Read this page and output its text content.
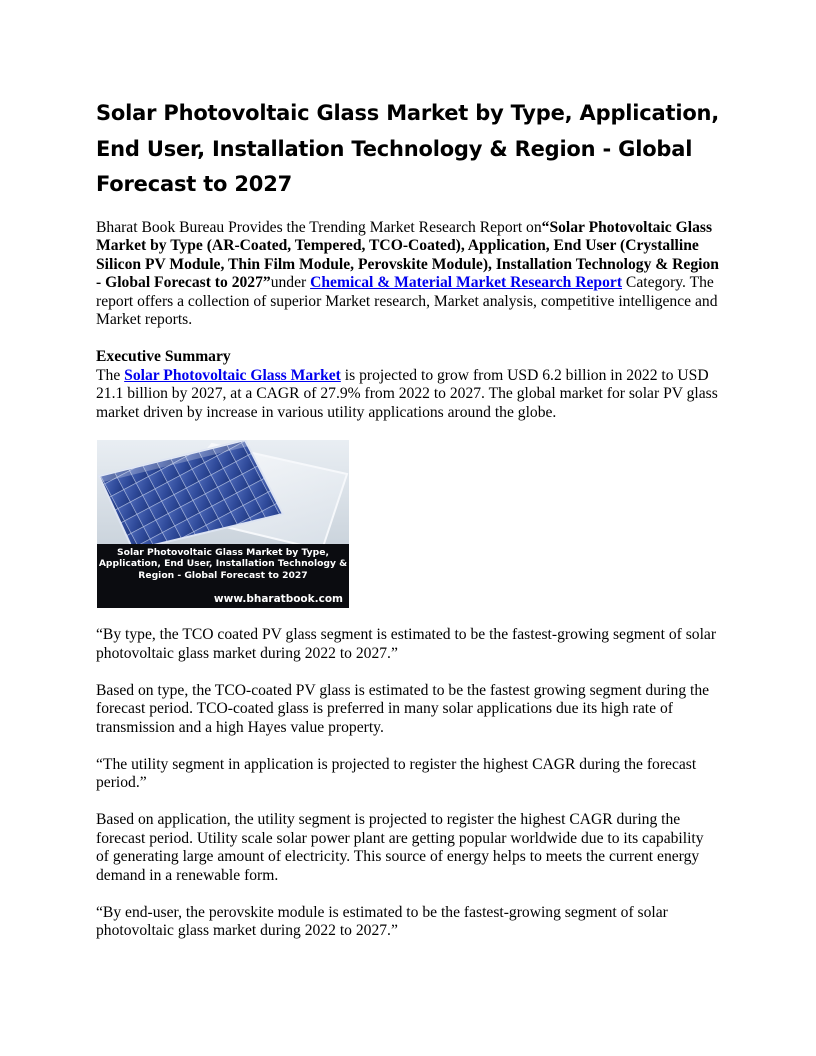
Solar Photovoltaic Glass Market by Type, Application, End User, Installation Technology & Region - Global Forecast to 2027

Bharat Book Bureau Provides the Trending Market Research Report on“Solar Photovoltaic Glass Market by Type (AR-Coated, Tempered, TCO-Coated), Application, End User (Crystalline Silicon PV Module, Thin Film Module, Perovskite Module), Installation Technology & Region - Global Forecast to 2027”under Chemical & Material Market Research Report Category. The report offers a collection of superior Market research, Market analysis, competitive intelligence and Market reports.

Executive Summary

The Solar Photovoltaic Glass Market is projected to grow from USD 6.2 billion in 2022 to USD 21.1 billion by 2027, at a CAGR of 27.9% from 2022 to 2027. The global market for solar PV glass market driven by increase in various utility applications around the globe.

Solar Photovoltaic Glass Market by Type, Application, End User, Installation Technology & Region - Global Forecast to 2027
www.bharatbook.com

“By type, the TCO coated PV glass segment is estimated to be the fastest-growing segment of solar photovoltaic glass market during 2022 to 2027.”

Based on type, the TCO-coated PV glass is estimated to be the fastest growing segment during the forecast period. TCO-coated glass is preferred in many solar applications due its high rate of transmission and a high Hayes value property.

“The utility segment in application is projected to register the highest CAGR during the forecast period.”

Based on application, the utility segment is projected to register the highest CAGR during the forecast period. Utility scale solar power plant are getting popular worldwide due to its capability of generating large amount of electricity. This source of energy helps to meets the current energy demand in a renewable form.

“By end-user, the perovskite module is estimated to be the fastest-growing segment of solar photovoltaic glass market during 2022 to 2027.”
